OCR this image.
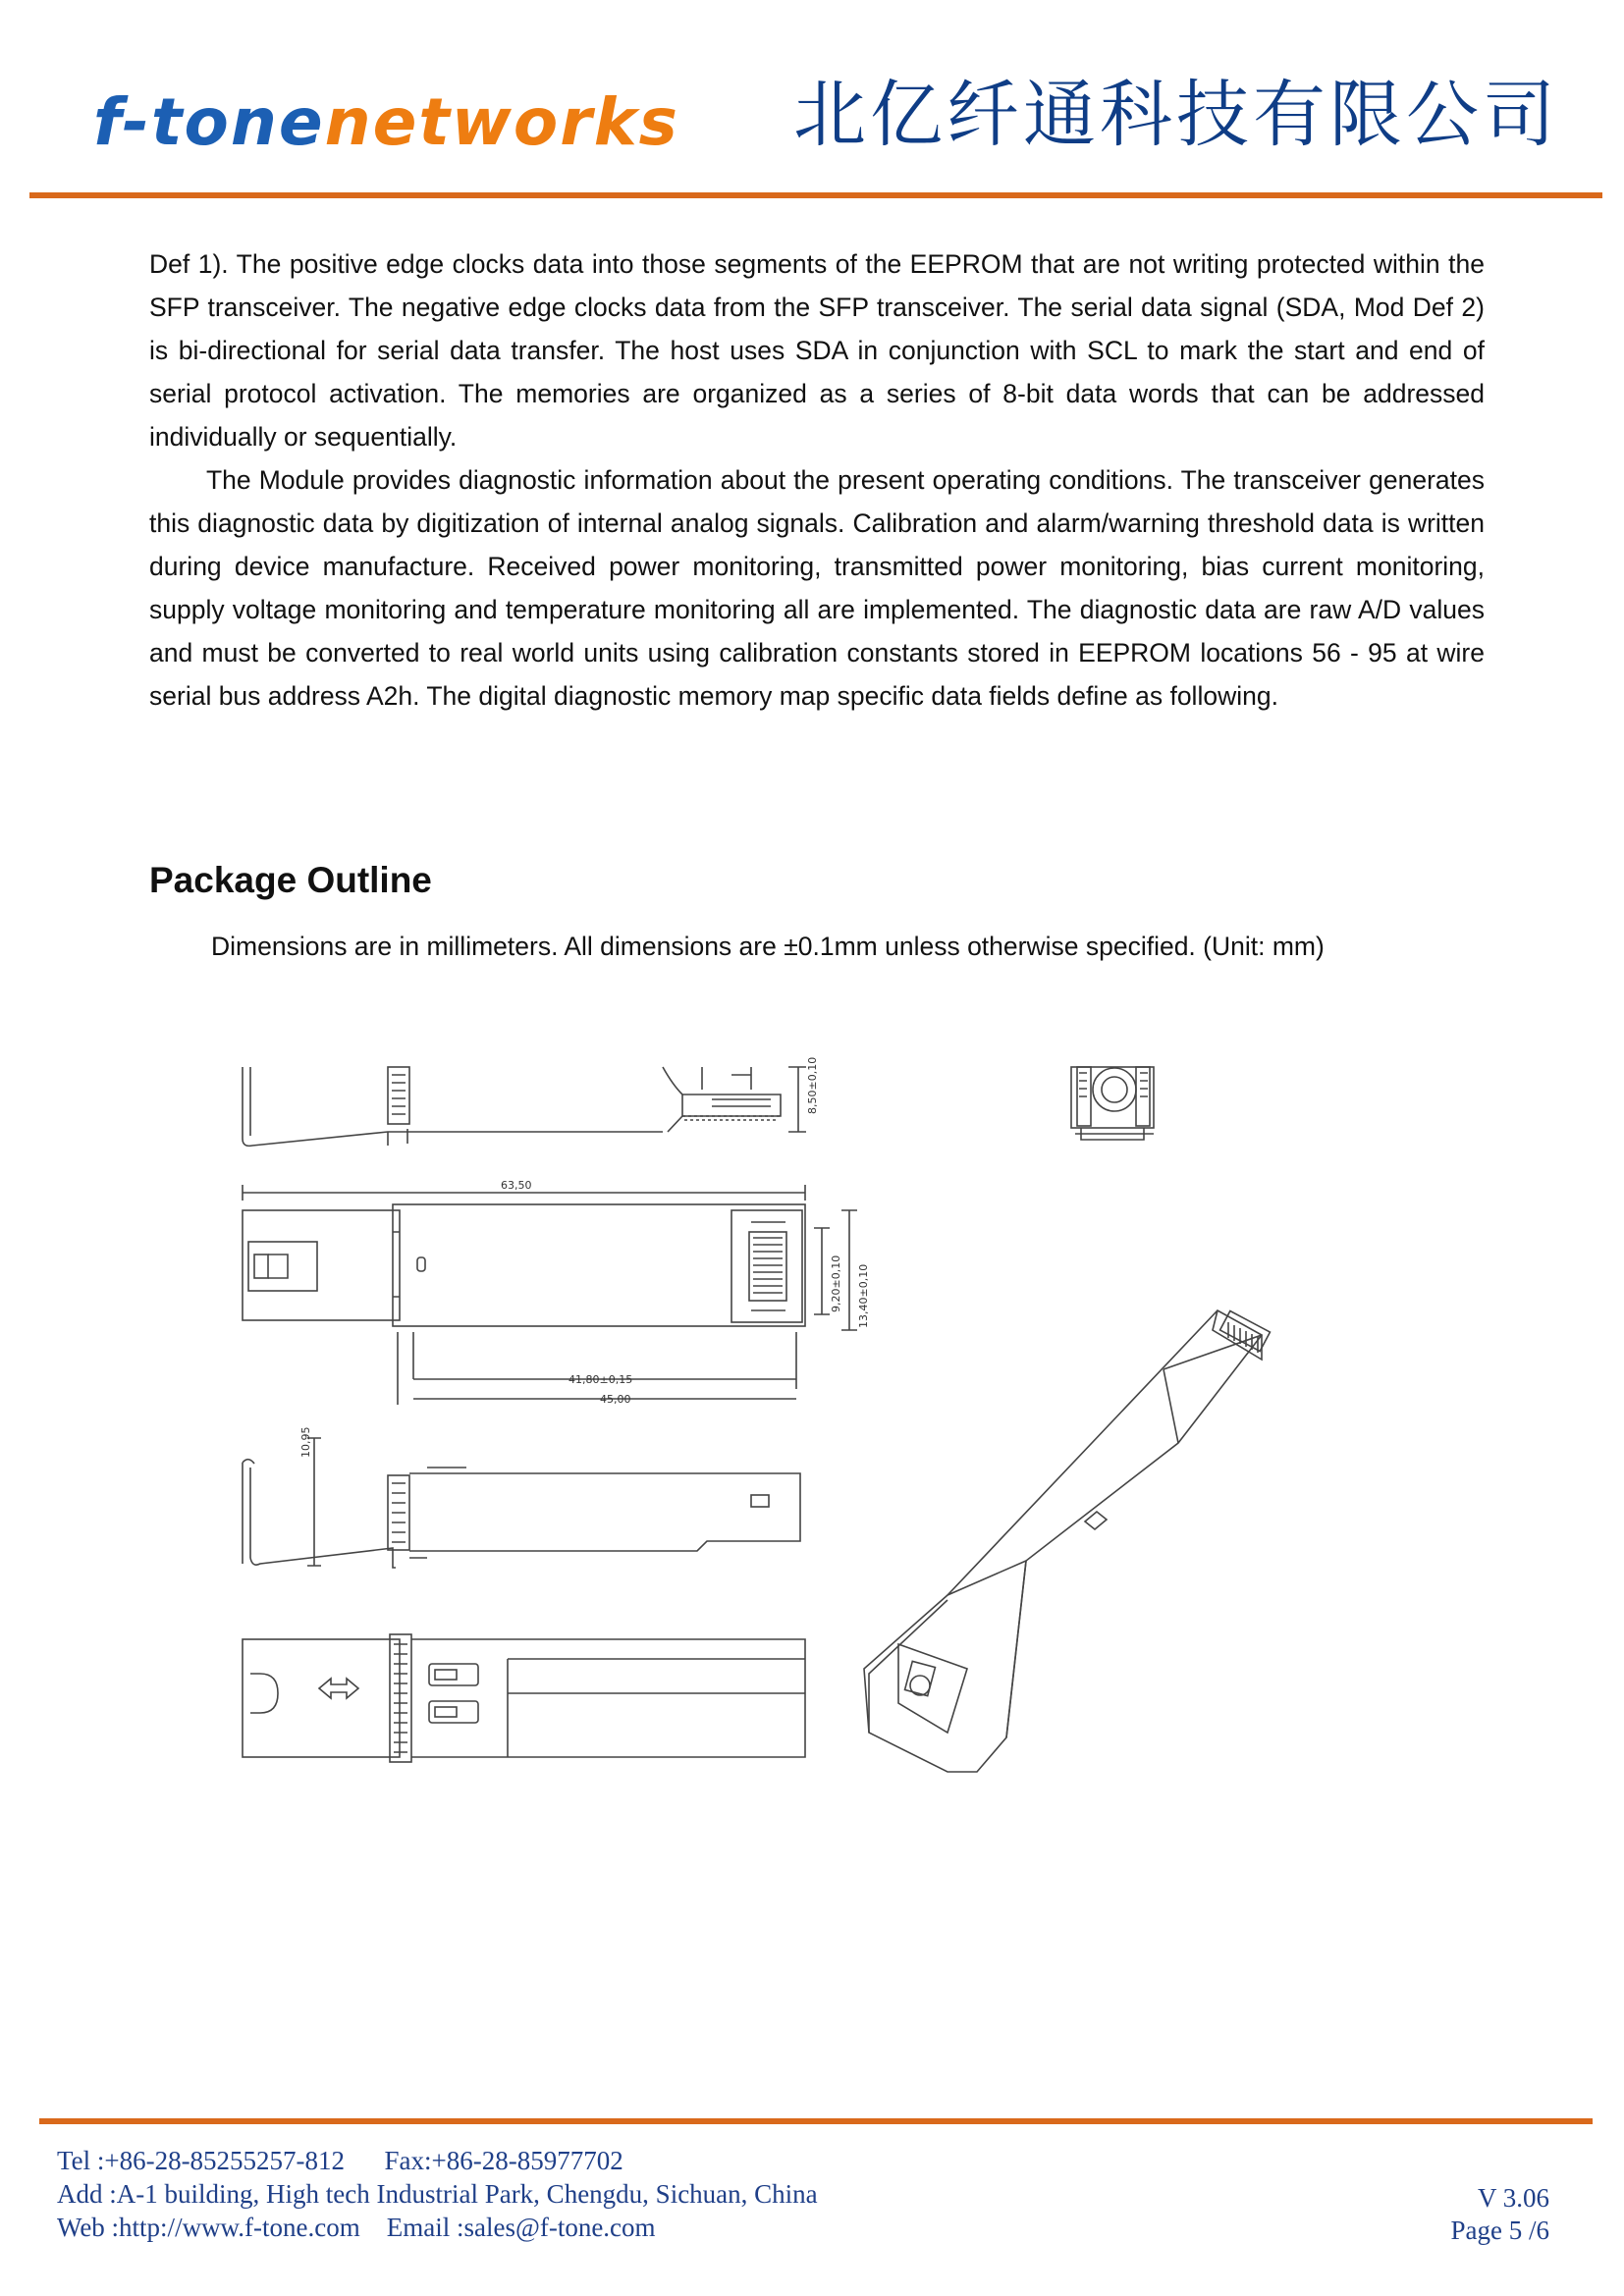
f-tonenetworks 北亿纤通科技有限公司

Def 1). The positive edge clocks data into those segments of the EEPROM that are not writing protected within the SFP transceiver. The negative edge clocks data from the SFP transceiver. The serial data signal (SDA, Mod Def 2) is bi-directional for serial data transfer. The host uses SDA in conjunction with SCL to mark the start and end of serial protocol activation. The memories are organized as a series of 8-bit data words that can be addressed individually or sequentially.

The Module provides diagnostic information about the present operating conditions. The transceiver generates this diagnostic data by digitization of internal analog signals. Calibration and alarm/warning threshold data is written during device manufacture. Received power monitoring, transmitted power monitoring, bias current monitoring, supply voltage monitoring and temperature monitoring all are implemented. The diagnostic data are raw A/D values and must be converted to real world units using calibration constants stored in EEPROM locations 56 - 95 at wire serial bus address A2h. The digital diagnostic memory map specific data fields define as following.

Package Outline

Dimensions are in millimeters. All dimensions are ±0.1mm unless otherwise specified. (Unit: mm)

8,50±0,10
63,50
9,20±0,10 13,40±0,10
41,80±0,15
45,00
10,95

Tel :+86-28-85255257-812      Fax:+86-28-85977702

Add :A-1 building, High tech Industrial Park, Chengdu, Sichuan, China

Web :http://www.f-tone.com    Email :sales@f-tone.com

V 3.06

Page 5 /6
